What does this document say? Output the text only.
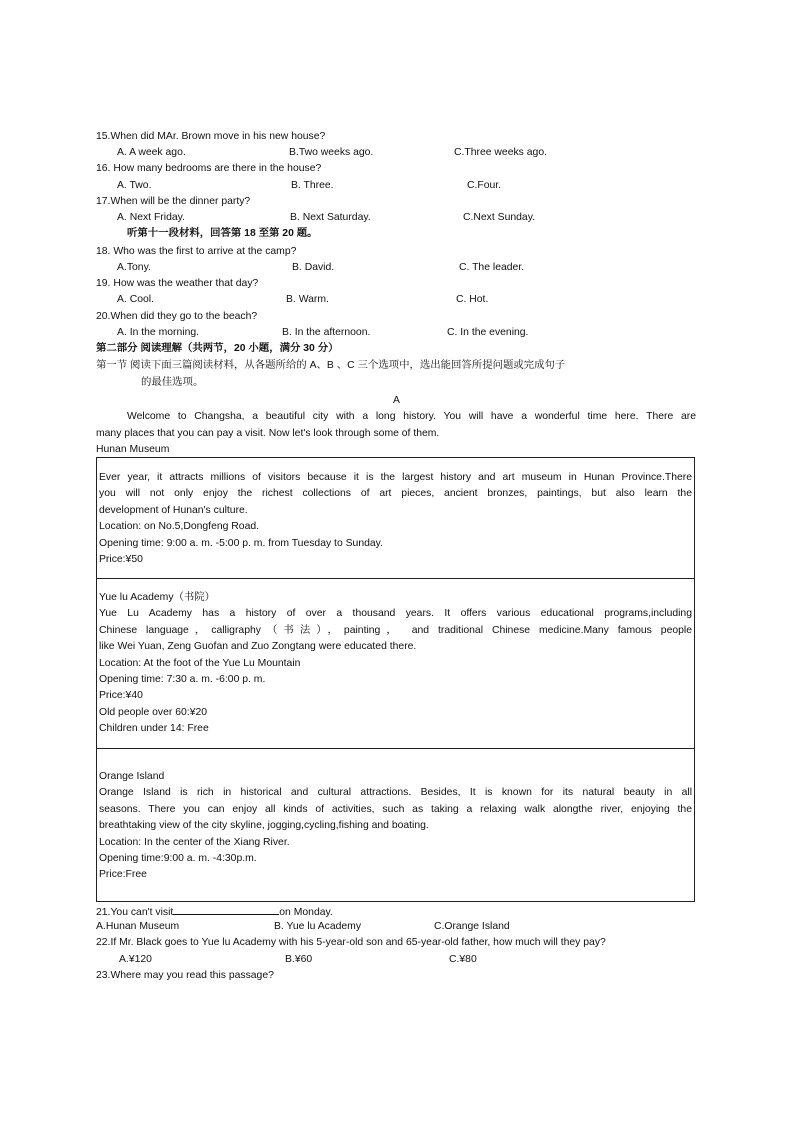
15.When did MAr. Brown move in his new house?
A. A week ago.	B.Two weeks ago.	C.Three weeks ago.
16. How many bedrooms are there in the house?
A. Two.	B. Three.	C.Four.
17.When will be the dinner party?
A. Next Friday.	B. Next Saturday.	C.Next Sunday.
听第十一段材料，回答第 18 至第 20 题。
18. Who was the first to arrive at the camp?
A.Tony.	B. David.	C. The leader.
19. How was the weather that day?
A. Cool.	B. Warm.	C. Hot.
20.When did they go to the beach?
A. In the morning.	B. In the afternoon.	C. In the evening.
第二部分 阅读理解（共两节，20 小题，满分 30 分）
第一节 阅读下面三篇阅读材料，从各题所给的 A、B 、C 三个选项中，选出能回答所提问题或完成句子
的最佳选项。
A
Welcome to Changsha, a beautiful city with a long history. You will have a wonderful time here. There are
many places that you can pay a visit. Now let's look through some of them.
Hunan Museum
Ever year, it attracts millions of visitors because it is the largest history and art museum in Hunan Province.There
you will not only enjoy the richest collections of art pieces, ancient bronzes, paintings, but also learn the
development of Hunan's culture.
Location: on No.5,Dongfeng Road.
Opening time: 9:00 a. m. -5:00 p. m. from Tuesday to Sunday.
Price:¥50
Yue lu Academy（书院）
Yue Lu Academy has a history of over a thousand years. It offers various educational programs,including
Chinese language，calligraphy（书法），painting， and traditional Chinese medicine.Many famous people
like Wei Yuan, Zeng Guofan and Zuo Zongtang were educated there.
Location: At the foot of the Yue Lu Mountain
Opening time: 7:30 a. m. -6:00 p. m.
Price:¥40
Old people over 60:¥20
Children under 14: Free
Orange Island
Orange Island is rich in historical and cultural attractions. Besides, It is known for its natural beauty in all
seasons. There you can enjoy all kinds of activities, such as taking a relaxing walk alongthe river, enjoying the
breathtaking view of the city skyline, jogging,cycling,fishing and boating.
Location: In the center of the Xiang River.
Opening time:9:00 a. m. -4:30p.m.
Price:Free
21.You can't visit	on Monday.
A.Hunan Museum	B. Yue lu Academy	C.Orange Island
22.If Mr. Black goes to Yue lu Academy with his 5-year-old son and 65-year-old father, how much will they pay?
A.¥120	B.¥60	C.¥80
23.Where may you read this passage?
